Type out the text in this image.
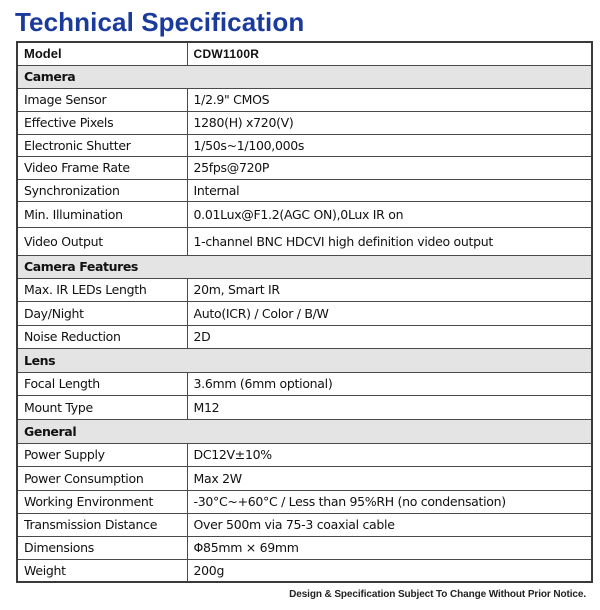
Technical Specification
Model	CDW1100R
Camera	
Image Sensor	1/2.9" CMOS
Effective Pixels	1280(H) x720(V)
Electronic Shutter	1/50s~1/100,000s
Video Frame Rate	25fps@720P
Synchronization	Internal
Min. Illumination	0.01Lux@F1.2(AGC ON),0Lux IR on
Video Output	1-channel BNC HDCVI high definition video output
Camera Features	
Max. IR LEDs Length	20m, Smart IR
Day/Night	Auto(ICR) / Color / B/W
Noise Reduction	2D
Lens	
Focal Length	3.6mm (6mm optional)
Mount Type	M12
General	
Power Supply	DC12V±10%
Power Consumption	Max 2W
Working Environment	-30°C~+60°C / Less than 95%RH (no condensation)
Transmission Distance	Over 500m via 75-3 coaxial cable
Dimensions	Φ85mm × 69mm
Weight	200g
Design & Specification Subject To Change Without Prior Notice.
